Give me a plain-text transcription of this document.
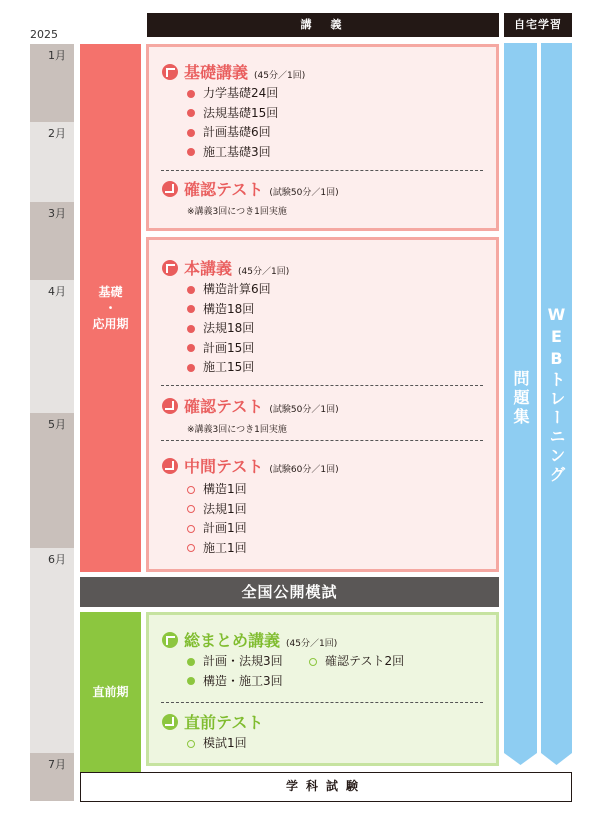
2025
1月
2月
3月
4月
5月
6月
7月
講　義	自宅学習
基礎
・
応用期
直前期
基礎講義 (45分／1回)
力学基礎24回
法規基礎15回
計画基礎6回
施工基礎3回
確認テスト (試験50分／1回)
※講義3回につき1回実施
本講義 (45分／1回)
構造計算6回
構造18回
法規18回
計画15回
施工15回
確認テスト (試験50分／1回)
※講義3回につき1回実施
中間テスト (試験60分／1回)
構造1回
法規1回
計画1回
施工1回
全国公開模試
総まとめ講義 (45分／1回)
計画・法規3回
構造・施工3回
確認テスト2回
直前テスト
模試1回
問題集 WEBトレーニング
学科試験
